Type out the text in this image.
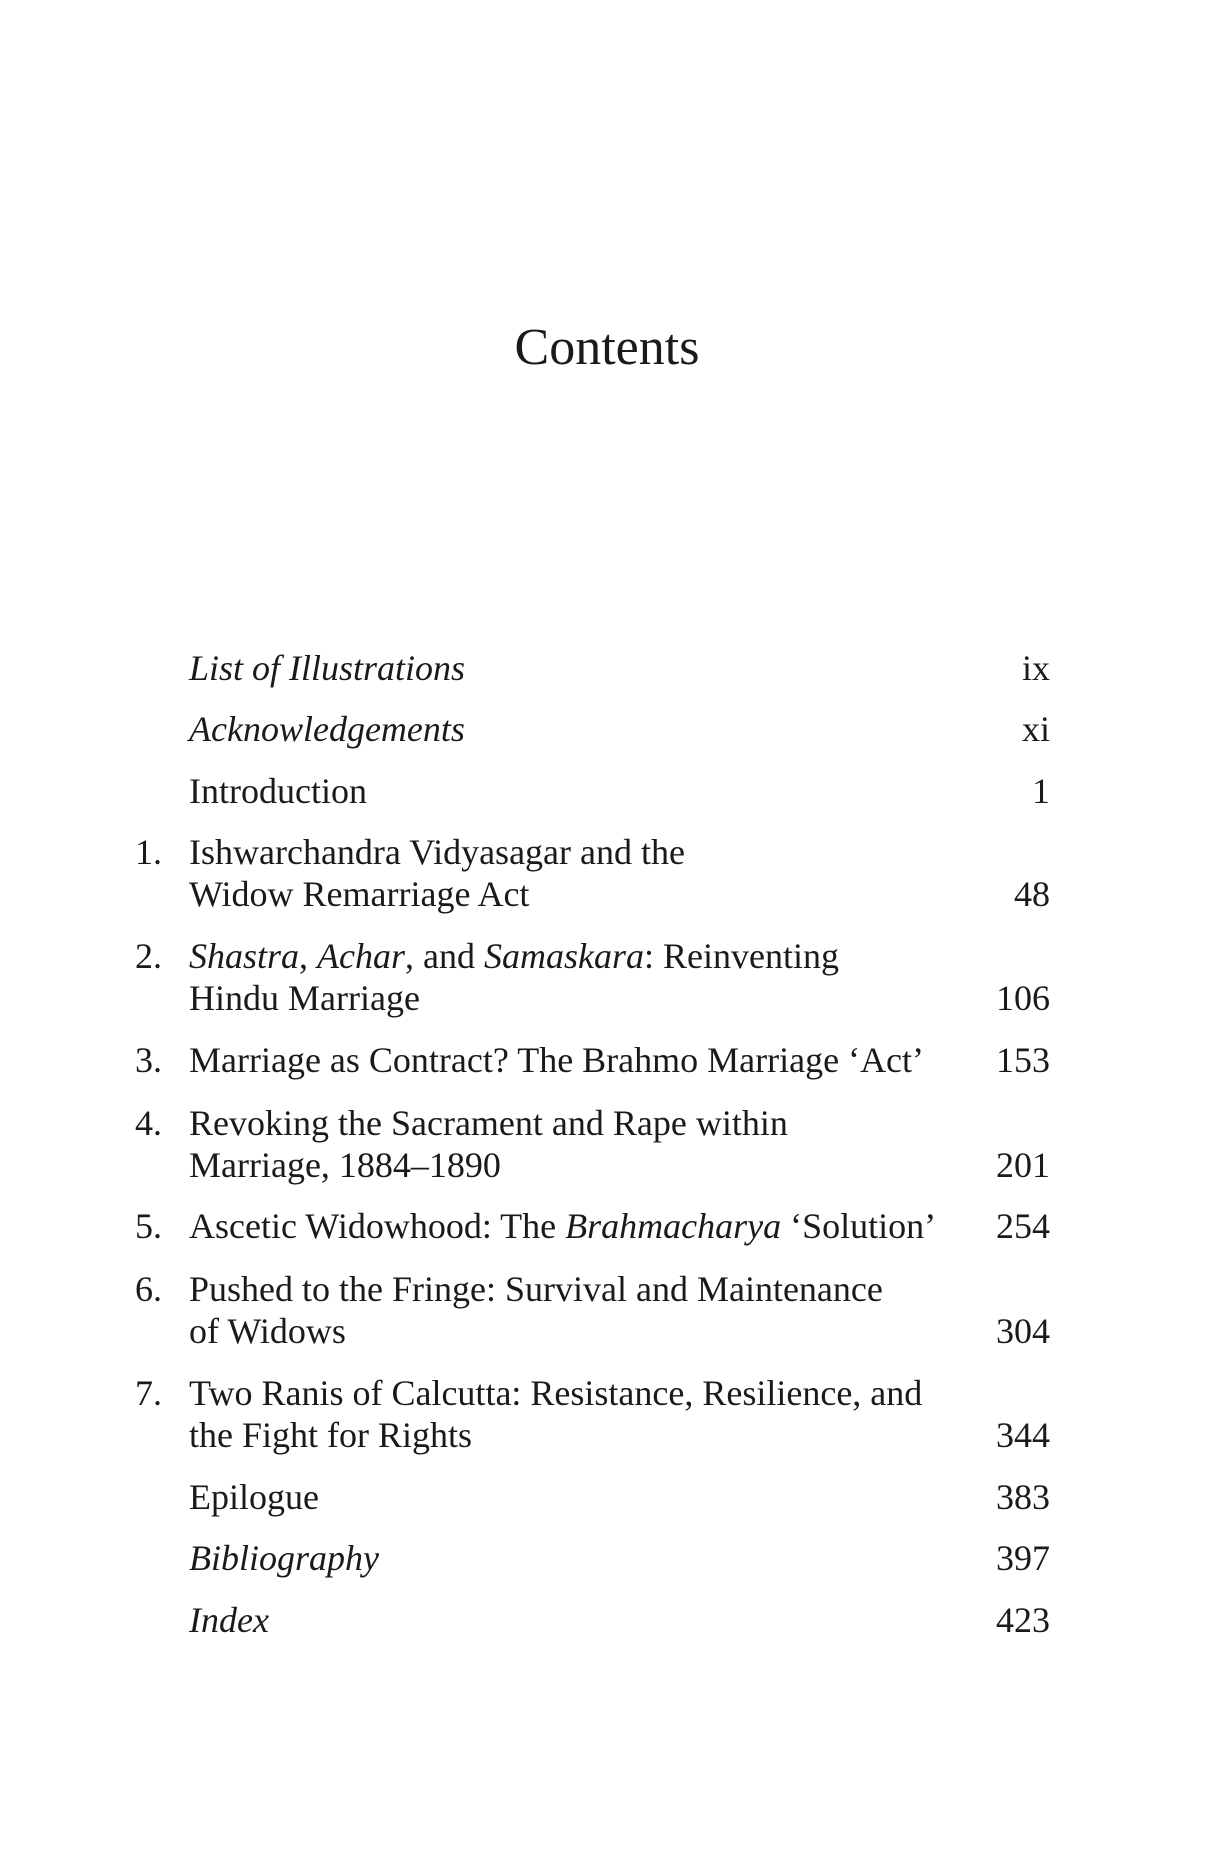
Contents
List of Illustrations	ix
Acknowledgements	xi
Introduction	1
1. Ishwarchandra Vidyasagar and the
Widow Remarriage Act	48
2. Shastra, Achar, and Samaskara: Reinventing
Hindu Marriage	106
3. Marriage as Contract? The Brahmo Marriage ‘Act’	153
4. Revoking the Sacrament and Rape within
Marriage, 1884–1890	201
5. Ascetic Widowhood: The Brahmacharya ‘Solution’	254
6. Pushed to the Fringe: Survival and Maintenance
of Widows	304
7. Two Ranis of Calcutta: Resistance, Resilience, and
the Fight for Rights	344
Epilogue	383
Bibliography	397
Index	423
